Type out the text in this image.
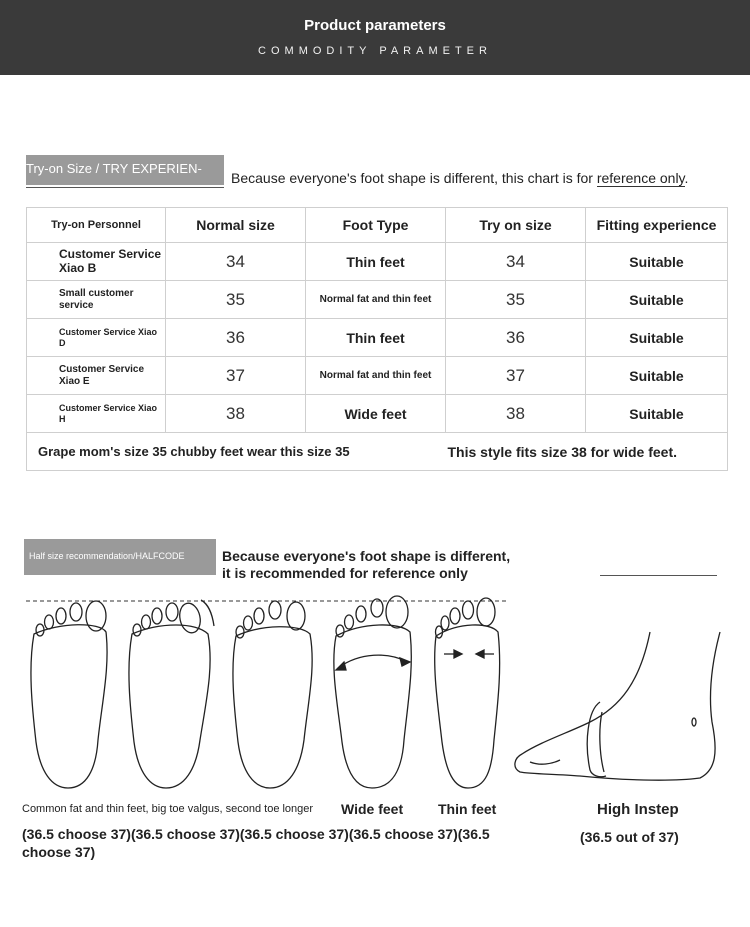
Product parameters
COMMODITY PARAMETER
Try-on Size / TRY EXPERIEN-
Because everyone's foot shape is different, this chart is for reference only.
Try-on Personnel	Normal size	Foot Type	Try on size	Fitting experience
Customer Service Xiao B	34	Thin feet	34	Suitable
Small customer service	35	Normal fat and thin feet	35	Suitable
Customer Service Xiao D	36	Thin feet	36	Suitable
Customer Service Xiao E	37	Normal fat and thin feet	37	Suitable
Customer Service Xiao H	38	Wide feet	38	Suitable
Grape mom's size 35 chubby feet wear this size 35			This style fits size 38 for wide feet.	
Half size recommendation/HALFCODE	Because everyone's foot shape is different, it is recommended for reference only
Common fat and thin feet, big toe valgus, second toe longer Wide feet Thin feet	High Instep
(36.5 choose 37)(36.5 choose 37)(36.5 choose 37)(36.5 choose 37)(36.5 choose 37)
(36.5 out of 37)
